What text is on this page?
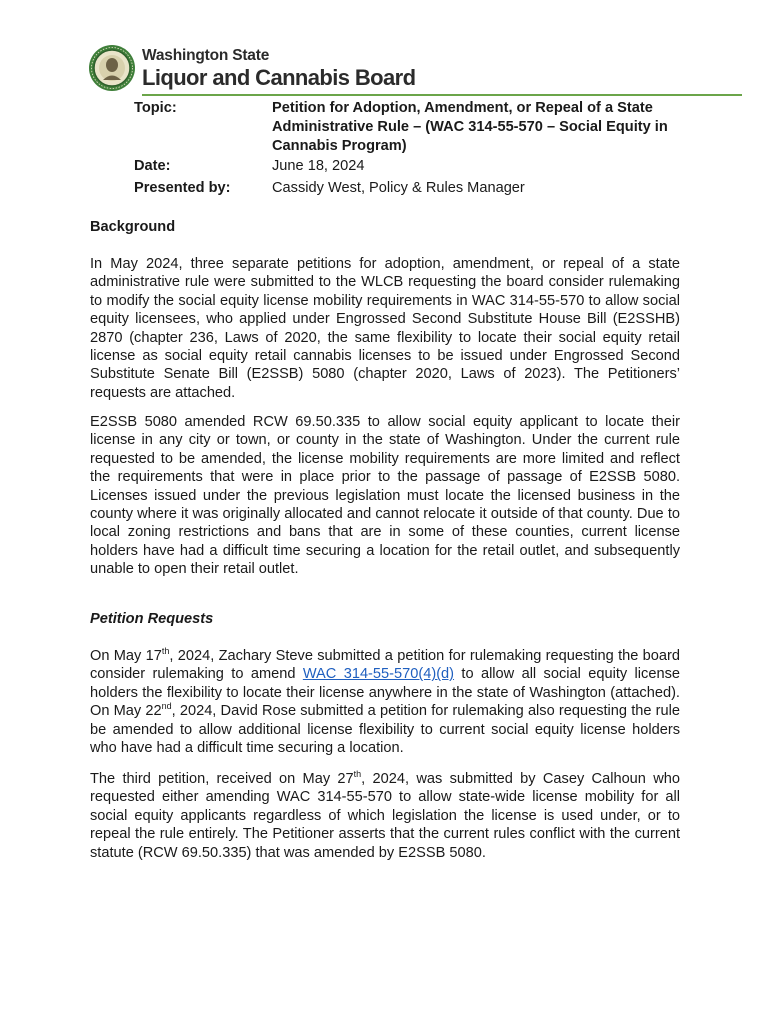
Washington State
Liquor and Cannabis Board
Topic:	Petition for Adoption, Amendment, or Repeal of a State Administrative Rule – (WAC 314-55-570 – Social Equity in Cannabis Program)
Date:	June 18, 2024
Presented by:	Cassidy West, Policy & Rules Manager
Background

In May 2024, three separate petitions for adoption, amendment, or repeal of a state administrative rule were submitted to the WLCB requesting the board consider rulemaking to modify the social equity license mobility requirements in WAC 314-55-570 to allow social equity licensees, who applied under Engrossed Second Substitute House Bill (E2SSHB) 2870 (chapter 236, Laws of 2020, the same flexibility to locate their social equity retail license as social equity retail cannabis licenses to be issued under Engrossed Second Substitute Senate Bill (E2SSB) 5080 (chapter 2020, Laws of 2023). The Petitioners’ requests are attached.

E2SSB 5080 amended RCW 69.50.335 to allow social equity applicant to locate their license in any city or town, or county in the state of Washington. Under the current rule requested to be amended, the license mobility requirements are more limited and reflect the requirements that were in place prior to the passage of passage of E2SSB 5080. Licenses issued under the previous legislation must locate the licensed business in the county where it was originally allocated and cannot relocate it outside of that county. Due to local zoning restrictions and bans that are in some of these counties, current license holders have had a difficult time securing a location for the retail outlet, and subsequently unable to open their retail outlet.

Petition Requests

On May 17th, 2024, Zachary Steve submitted a petition for rulemaking requesting the board consider rulemaking to amend WAC 314-55-570(4)(d) to allow all social equity license holders the flexibility to locate their license anywhere in the state of Washington (attached). On May 22nd, 2024, David Rose submitted a petition for rulemaking also requesting the rule be amended to allow additional license flexibility to current social equity license holders who have had a difficult time securing a location.

The third petition, received on May 27th, 2024, was submitted by Casey Calhoun who requested either amending WAC 314-55-570 to allow state-wide license mobility for all social equity applicants regardless of which legislation the license is used under, or to repeal the rule entirely. The Petitioner asserts that the current rules conflict with the current statute (RCW 69.50.335) that was amended by E2SSB 5080.
